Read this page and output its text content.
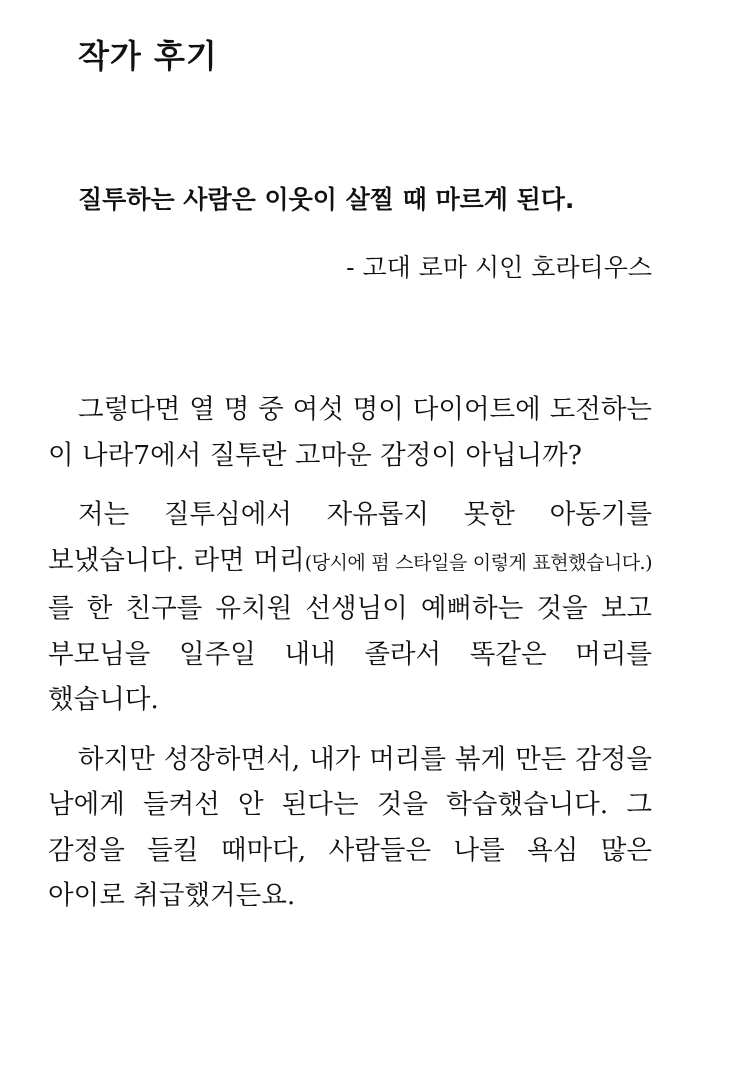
작가 후기

질투하는 사람은 이웃이 살찔 때 마르게 된다.

- 고대 로마 시인 호라티우스

그렇다면 열 명 중 여섯 명이 다이어트에 도전하는 이 나라7에서 질투란 고마운 감정이 아닙니까?

저는 질투심에서 자유롭지 못한 아동기를 보냈습니다. 라면 머리(당시에 펌 스타일을 이렇게 표현했습니다.)를 한 친구를 유치원 선생님이 예뻐하는 것을 보고 부모님을 일주일 내내 졸라서 똑같은 머리를 했습니다.

하지만 성장하면서, 내가 머리를 볶게 만든 감정을 남에게 들켜선 안 된다는 것을 학습했습니다. 그 감정을 들킬 때마다, 사람들은 나를 욕심 많은 아이로 취급했거든요.
